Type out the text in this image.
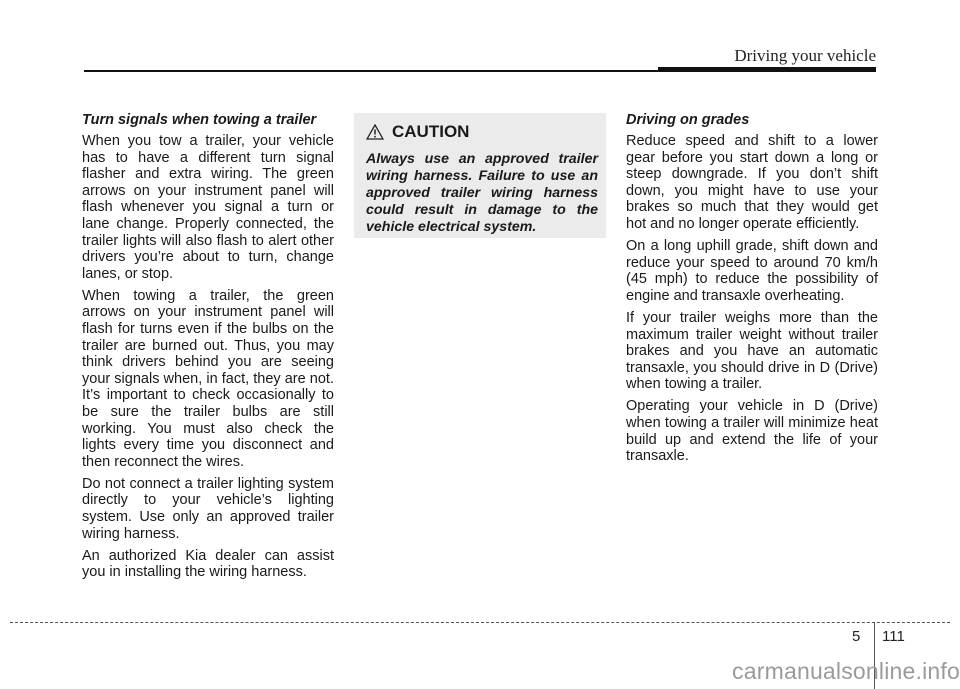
Driving your vehicle
Turn signals when towing a trailer

When you tow a trailer, your vehicle has to have a different turn signal flasher and extra wiring. The green arrows on your instrument panel will flash whenever you signal a turn or lane change. Properly connected, the trailer lights will also flash to alert other drivers you’re about to turn, change lanes, or stop.

When towing a trailer, the green arrows on your instrument panel will flash for turns even if the bulbs on the trailer are burned out. Thus, you may think drivers behind you are seeing your signals when, in fact, they are not. It’s important to check occasionally to be sure the trailer bulbs are still working. You must also check the lights every time you disconnect and then reconnect the wires.

Do not connect a trailer lighting system directly to your vehicle’s lighting system. Use only an approved trailer wiring harness.

An authorized Kia dealer can assist you in installing the wiring harness.

CAUTION

Always use an approved trailer wiring harness. Failure to use an approved trailer wiring harness could result in damage to the vehicle electrical system.

Driving on grades

Reduce speed and shift to a lower gear before you start down a long or steep downgrade. If you don’t shift down, you might have to use your brakes so much that they would get hot and no longer operate efficiently.

On a long uphill grade, shift down and reduce your speed to around 70 km/h (45 mph) to reduce the possibility of engine and transaxle overheating.

If your trailer weighs more than the maximum trailer weight without trailer brakes and you have an automatic transaxle, you should drive in D (Drive) when towing a trailer.

Operating your vehicle in D (Drive) when towing a trailer will minimize heat build up and extend the life of your transaxle.

5 111
carmanualsonline.info
